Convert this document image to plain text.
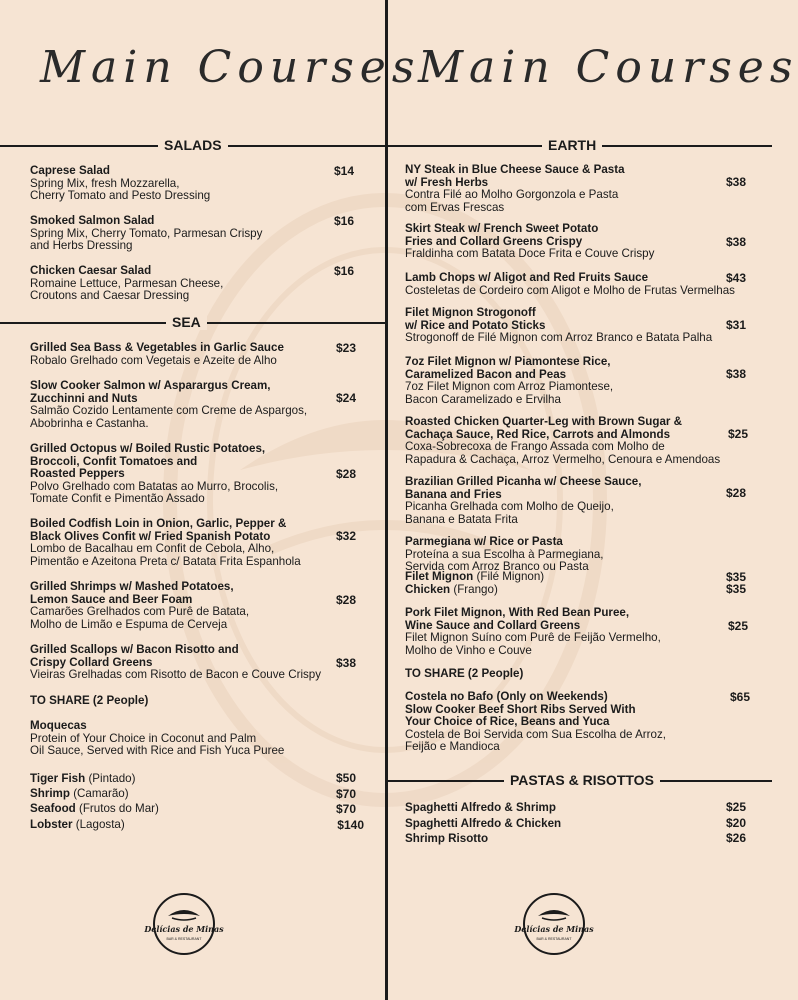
Main Courses
SALADS
SEA
Caprese Salad
Spring Mix, fresh Mozzarella,
Cherry Tomato and Pesto Dressing
$14
Smoked Salmon Salad
Spring Mix, Cherry Tomato, Parmesan Crispy
and Herbs Dressing
$16
Chicken Caesar Salad
Romaine Lettuce, Parmesan Cheese,
Croutons and Caesar Dressing
$16
Grilled Sea Bass & Vegetables in Garlic Sauce
Robalo Grelhado com Vegetais e Azeite de Alho
$23
Slow Cooker Salmon w/ Asparargus Cream,
Zucchinni and Nuts
Salmão Cozido Lentamente com Creme de Aspargos,
Abobrinha e Castanha.
$24
Grilled Octopus w/ Boiled Rustic Potatoes,
Broccoli, Confit Tomatoes and
Roasted Peppers
Polvo Grelhado com Batatas ao Murro, Brocolis,
Tomate Confit e Pimentão Assado
$28
Boiled Codfish Loin in Onion, Garlic, Pepper &
Black Olives Confit w/ Fried Spanish Potato
Lombo de Bacalhau em Confit de Cebola, Alho,
Pimentão e Azeitona Preta c/ Batata Frita Espanhola
$32
Grilled Shrimps w/ Mashed Potatoes,
Lemon Sauce and Beer Foam
Camarões Grelhados com Purê de Batata,
Molho de Limão e Espuma de Cerveja
$28
Grilled Scallops w/ Bacon Risotto and
Crispy Collard Greens
Vieiras Grelhadas com Risotto de Bacon e Couve Crispy
$38
TO SHARE (2 People)
Moquecas
Protein of Your Choice in Coconut and Palm
Oil Sauce, Served with Rice and Fish Yuca Puree
Tiger Fish (Pintado)	$50
Shrimp (Camarão)	$70
Seafood (Frutos do Mar)	$70
Lobster (Lagosta)	$140
Delícias de Minas
BAR & RESTAURANT
Main Courses
EARTH
PASTAS & RISOTTOS
NY Steak in Blue Cheese Sauce & Pasta
w/ Fresh Herbs
Contra Filé ao Molho Gorgonzola e Pasta
com Ervas Frescas
$38
Skirt Steak w/ French Sweet Potato
Fries and Collard Greens Crispy
Fraldinha com Batata Doce Frita e Couve Crispy
$38
Lamb Chops w/ Aligot and Red Fruits Sauce
Costeletas de Cordeiro com Aligot e Molho de Frutas Vermelhas
$43
Filet Mignon Strogonoff
w/ Rice and Potato Sticks
Strogonoff de Filé Mignon com Arroz Branco e Batata Palha
$31
7oz Filet Mignon w/ Piamontese Rice,
Caramelized Bacon and Peas
7oz Filet Mignon com Arroz Piamontese,
Bacon Caramelizado e Ervilha
$38
Roasted Chicken Quarter-Leg with Brown Sugar &
Cachaça Sauce, Red Rice, Carrots and Almonds
Coxa-Sobrecoxa de Frango Assada com Molho de
Rapadura & Cachaça, Arroz Vermelho, Cenoura e Amendoas
$25
Brazilian Grilled Picanha w/ Cheese Sauce,
Banana and Fries
Picanha Grelhada com Molho de Queijo,
Banana e Batata Frita
$28
Parmegiana w/ Rice or Pasta
Proteína a sua Escolha à Parmegiana,
Servida com Arroz Branco ou Pasta
Filet Mignon (Filé Mignon)	$35
Chicken (Frango)	$35
Pork Filet Mignon, With Red Bean Puree,
Wine Sauce and Collard Greens
Filet Mignon Suíno com Purê de Feijão Vermelho,
Molho de Vinho e Couve
$25
TO SHARE (2 People)
Costela no Bafo (Only on Weekends)
Slow Cooker Beef Short Ribs Served With
Your Choice of Rice, Beans and Yuca
Costela de Boi Servida com Sua Escolha de Arroz,
Feijão e Mandioca
$65
Spaghetti Alfredo & Shrimp	$25
Spaghetti Alfredo & Chicken	$20
Shrimp Risotto	$26
Delícias de Minas
BAR & RESTAURANT
